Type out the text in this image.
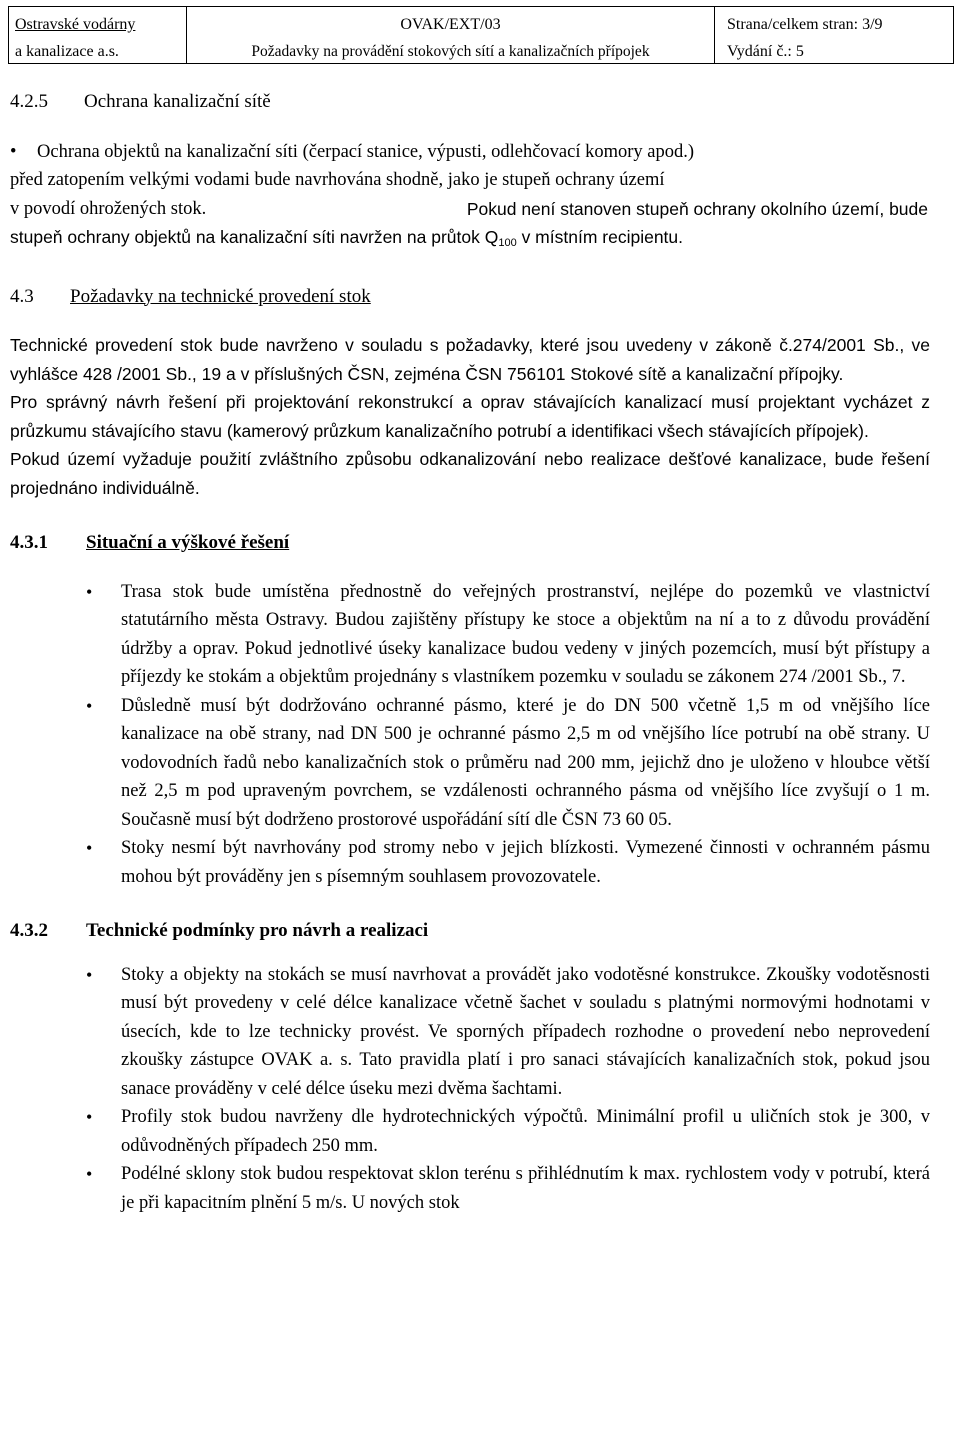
Ostravské vodárny
a kanalizace a.s.
OVAK/EXT/03
Požadavky na provádění stokových sítí a kanalizačních přípojek
Strana/celkem stran: 3/9
Vydání č.: 5
4.2.5 Ochrana kanalizační sítě
•	Ochrana objektů na kanalizační síti (čerpací stanice, výpusti, odlehčovací komory apod.)
před zatopením velkými vodami bude navrhována shodně, jako je stupeň ochrany území
v povodí ohrožených stok.	Pokud není stanoven stupeň ochrany okolního území, bude
stupeň ochrany objektů na kanalizační síti navržen na průtok $Q_{100}$ v místním recipientu.
4.3 Požadavky na technické provedení stok

Technické provedení stok bude navrženo v souladu s požadavky, které jsou uvedeny v zákoně č.274/2001 Sb., ve vyhlášce 428 /2001 Sb., 19 a v příslušných ČSN, zejména ČSN 756101 Stokové sítě a kanalizační přípojky.

Pro správný návrh řešení při projektování rekonstrukcí a oprav stávajících kanalizací musí projektant vycházet z průzkumu stávajícího stavu (kamerový průzkum kanalizačního potrubí a identifikaci všech stávajících přípojek).

Pokud území vyžaduje použití zvláštního způsobu odkanalizování nebo realizace dešťové kanalizace, bude řešení projednáno individuálně.

4.3.1 Situační a výškové řešení
• Trasa stok bude umístěna přednostně do veřejných prostranství, nejlépe do pozemků ve vlastnictví statutárního města Ostravy. Budou zajištěny přístupy ke stoce a objektům na ní a to z důvodu provádění údržby a oprav. Pokud jednotlivé úseky kanalizace budou vedeny v jiných pozemcích, musí být přístupy a příjezdy ke stokám a objektům projednány s vlastníkem pozemku v souladu se zákonem 274 /2001 Sb., 7.
• Důsledně musí být dodržováno ochranné pásmo, které je do DN 500 včetně 1,5 m od vnějšího líce kanalizace na obě strany, nad DN 500 je ochranné pásmo 2,5 m od vnějšího líce potrubí na obě strany. U vodovodních řadů nebo kanalizačních stok o průměru nad 200 mm, jejichž dno je uloženo v hloubce větší než 2,5 m pod upraveným povrchem, se vzdálenosti ochranného pásma od vnějšího líce zvyšují o 1 m. Současně musí být dodrženo prostorové uspořádání sítí dle ČSN 73 60 05.
• Stoky nesmí být navrhovány pod stromy nebo v jejich blízkosti. Vymezené činnosti v ochranném pásmu mohou být prováděny jen s písemným souhlasem provozovatele.
4.3.2 Technické podmínky pro návrh a realizaci
• Stoky a objekty na stokách se musí navrhovat a provádět jako vodotěsné konstrukce. Zkoušky vodotěsnosti musí být provedeny v celé délce kanalizace včetně šachet v souladu s platnými normovými hodnotami v úsecích, kde to lze technicky provést. Ve sporných případech rozhodne o provedení nebo neprovedení zkoušky zástupce OVAK a. s. Tato pravidla platí i pro sanaci stávajících kanalizačních stok, pokud jsou sanace prováděny v celé délce úseku mezi dvěma šachtami.
• Profily stok budou navrženy dle hydrotechnických výpočtů. Minimální profil u uličních stok je 300, v odůvodněných případech 250 mm.
• Podélné sklony stok budou respektovat sklon terénu s přihlédnutím k max. rychlostem vody v potrubí, která je při kapacitním plnění 5 m/s. U nových stok
